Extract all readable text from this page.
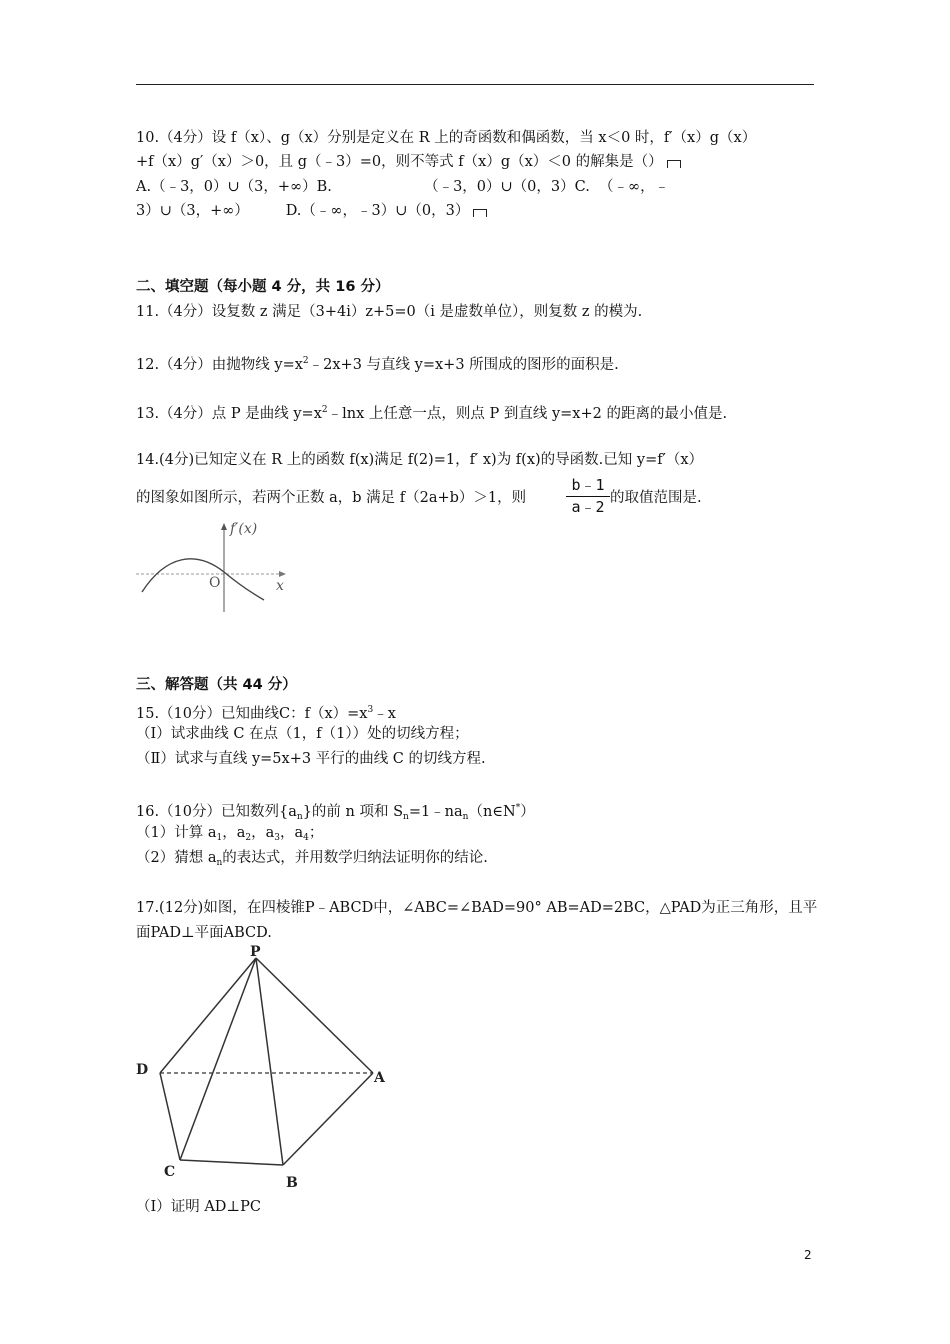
10.（4分）设 f（x）、g（x）分别是定义在 R 上的奇函数和偶函数，当 x＜0 时，f′（x）g（x）
+f（x）g′（x）＞0，且 g（﹣3）=0，则不等式 f（x）g（x）＜0 的解集是（）
A.（﹣3，0）∪（3，+∞）B.                    （﹣3，0）∪（0，3）C.  （﹣∞，﹣
3）∪（3，+∞）        D.（﹣∞，﹣3）∪（0，3）
二、填空题（每小题 4 分，共 16 分）
11.（4分）设复数 z 满足（3+4i）z+5=0（i 是虚数单位），则复数 z 的模为.
12.（4分）由抛物线 $y=x^2﹣2x+3$ 与直线 y=x+3 所围成的图形的面积是.
13.（4分）点 P 是曲线 $y=x^2﹣\ln x$ 上任意一点，则点 P 到直线 y=x+2 的距离的最小值是.
14.(4分)已知定义在 R 上的函数 f(x)满足 f(2)=1，f′ x)为 f(x)的导函数.已知 y=f′（x）
的图象如图所示，若两个正数 a，b 满足 f（2a+b）＞1，则
b﹣1
a﹣2 的取值范围是.
f′(x)
O	x
三、解答题（共 44 分）
15.（10分）已知曲线C：$f(x)=x^3﹣x$
（Ⅰ）试求曲线 C 在点（1，f（1））处的切线方程；
（Ⅱ）试求与直线 y=5x+3 平行的曲线 C 的切线方程.
16.（10分）已知数列$\{a_n\}$的前 n 项和 $S_n=1﹣na_n(n\in N^*)$
（1）计算 $a_1$，$a_2$，$a_3$，$a_4$；
（2）猜想 $a_n$的表达式，并用数学归纳法证明你的结论.
17.(12分)如图，在四棱锥P﹣ABCD中，∠ABC=∠BAD=90° AB=AD=2BC，△PAD为正三角形，且平
面PAD⊥平面ABCD.
P
D	A
C
B
（Ⅰ）证明 AD⊥PC
2
